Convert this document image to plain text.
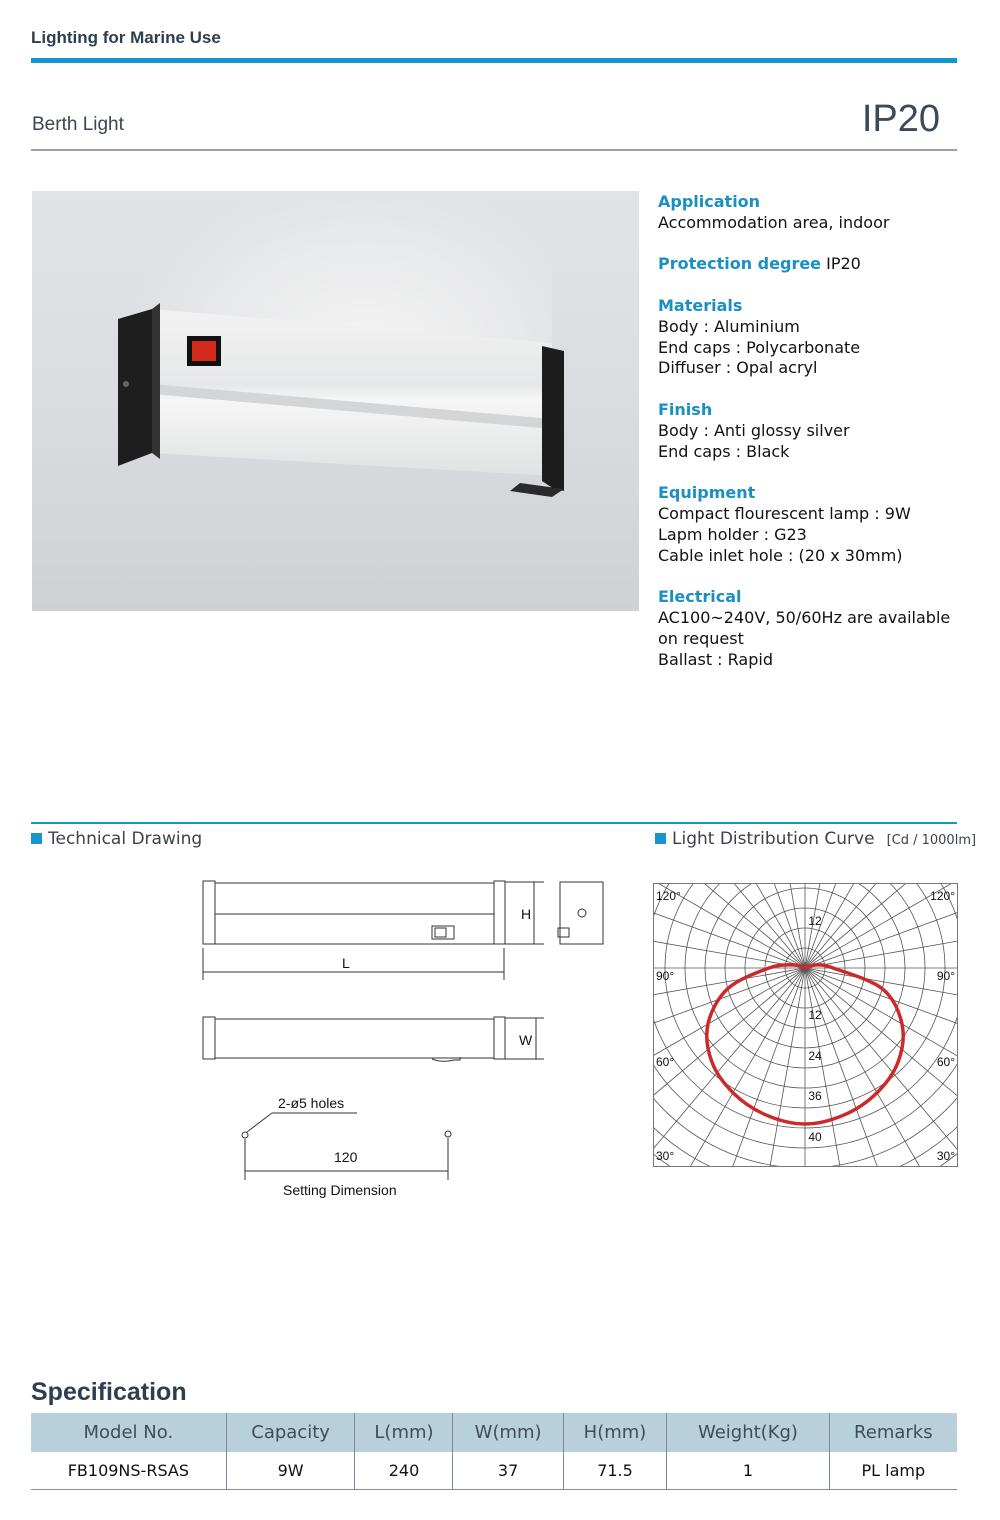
Lighting for Marine Use
Berth Light	IP20
Application
Accommodation area, indoor
Protection degree IP20
Materials
Body : Aluminium
End caps : Polycarbonate
Diffuser : Opal acryl
Finish
Body : Anti glossy silver
End caps : Black
Equipment
Compact flourescent lamp : 9W
Lapm holder : G23
Cable inlet hole : (20 x 30mm)
Electrical
AC100~240V, 50/60Hz are available
on request
Ballast : Rapid
Technical Drawing	Light Distribution Curve [Cd / 1000lm]
H
L
W
2-ø5 holes
120
Setting Dimension
120°	120°
90°	90°
60°	60°
30°	30°
12
12
24
36
40
Specification
Model No.	Capacity	L(mm)	W(mm)	H(mm)	Weight(Kg)	Remarks
FB109NS-RSAS	9W	240	37	71.5	1	PL lamp
